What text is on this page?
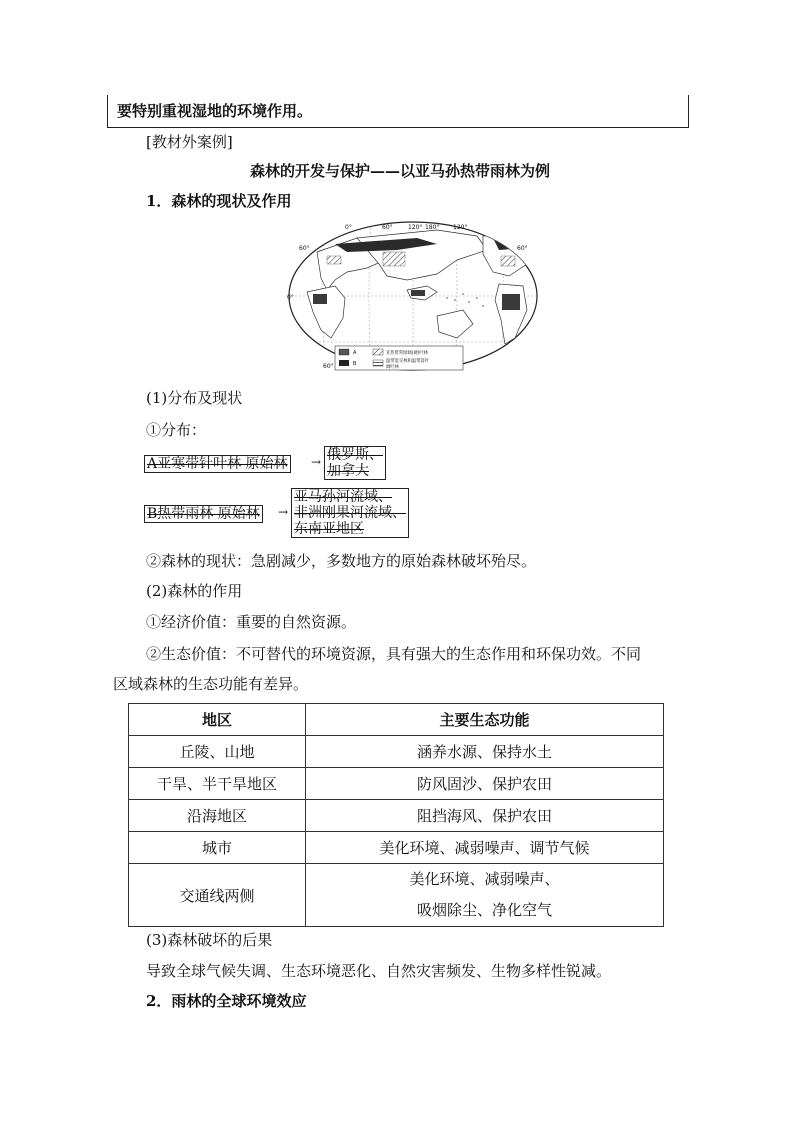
要特别重视湿地的环境作用。
[教材外案例]
森林的开发与保护——以亚马孙热带雨林为例
1．森林的现状及作用
0°	60°	120° 180° 120°
60°
60°
0°
60°
A
B
亚热带常绿阔(硬)叶林
温带混交林和温带落叶
阔叶林
(1)分布及现状
①分布：
A亚寒带针叶林 原始林 → 俄罗斯、
加拿大
B热带雨林 原始林 →
亚马孙河流域、
非洲刚果河流域、
东南亚地区
②森林的现状：急剧减少，多数地方的原始森林破坏殆尽。
(2)森林的作用
①经济价值：重要的自然资源。
②生态价值：不可替代的环境资源，具有强大的生态作用和环保功效。不同
区域森林的生态功能有差异。
地区	主要生态功能
丘陵、山地	涵养水源、保持水土
干旱、半干旱地区	防风固沙、保护农田
沿海地区	阻挡海风、保护农田
城市	美化环境、减弱噪声、调节气候
交通线两侧	美化环境、减弱噪声、
吸烟除尘、净化空气
(3)森林破坏的后果
导致全球气候失调、生态环境恶化、自然灾害频发、生物多样性锐减。
2．雨林的全球环境效应
